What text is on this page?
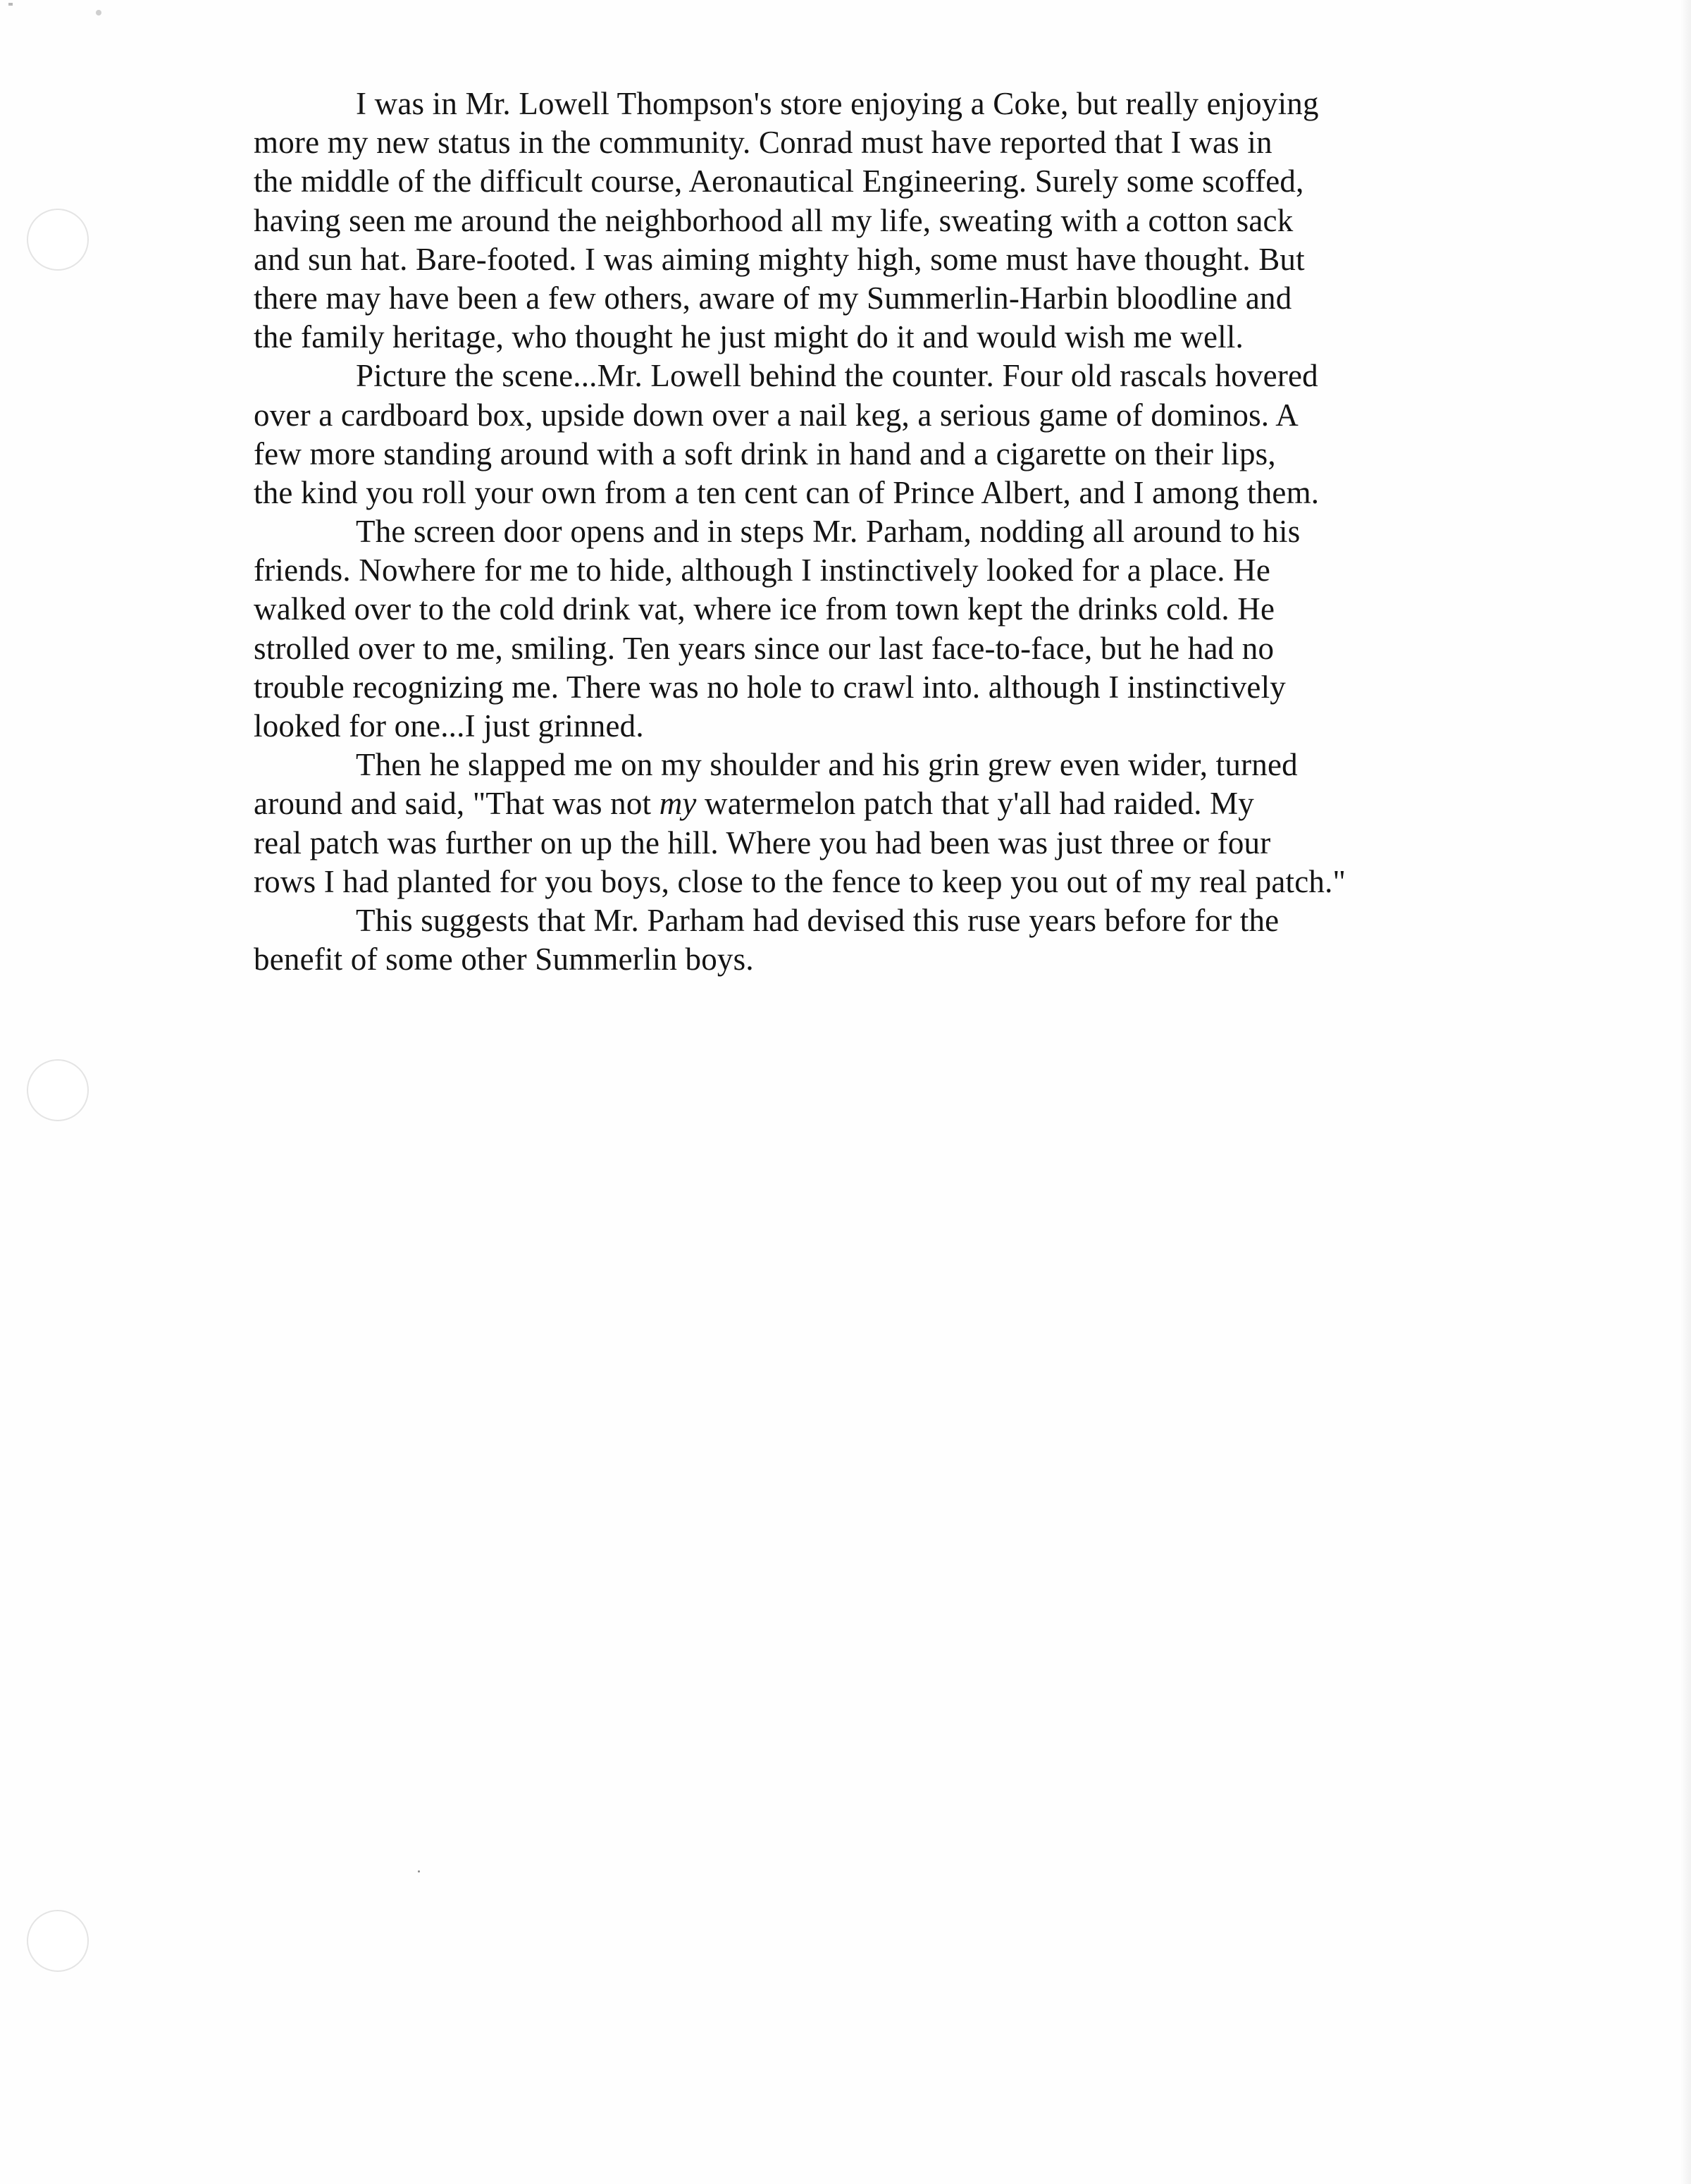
I was in Mr. Lowell Thompson's store enjoying a Coke, but really enjoying
more my new status in the community. Conrad must have reported that I was in
the middle of the difficult course, Aeronautical Engineering. Surely some scoffed,
having seen me around the neighborhood all my life, sweating with a cotton sack
and sun hat. Bare-footed. I was aiming mighty high, some must have thought. But
there may have been a few others, aware of my Summerlin-Harbin bloodline and
the family heritage, who thought he just might do it and would wish me well.
Picture the scene...Mr. Lowell behind the counter. Four old rascals hovered
over a cardboard box, upside down over a nail keg, a serious game of dominos. A
few more standing around with a soft drink in hand and a cigarette on their lips,
the kind you roll your own from a ten cent can of Prince Albert, and I among them.
The screen door opens and in steps Mr. Parham, nodding all around to his
friends. Nowhere for me to hide, although I instinctively looked for a place. He
walked over to the cold drink vat, where ice from town kept the drinks cold. He
strolled over to me, smiling. Ten years since our last face-to-face, but he had no
trouble recognizing me. There was no hole to crawl into. although I instinctively
looked for one...I just grinned.
Then he slapped me on my shoulder and his grin grew even wider, turned
around and said, "That was not my watermelon patch that y'all had raided. My
real patch was further on up the hill. Where you had been was just three or four
rows I had planted for you boys, close to the fence to keep you out of my real patch."
This suggests that Mr. Parham had devised this ruse years before for the
benefit of some other Summerlin boys.
